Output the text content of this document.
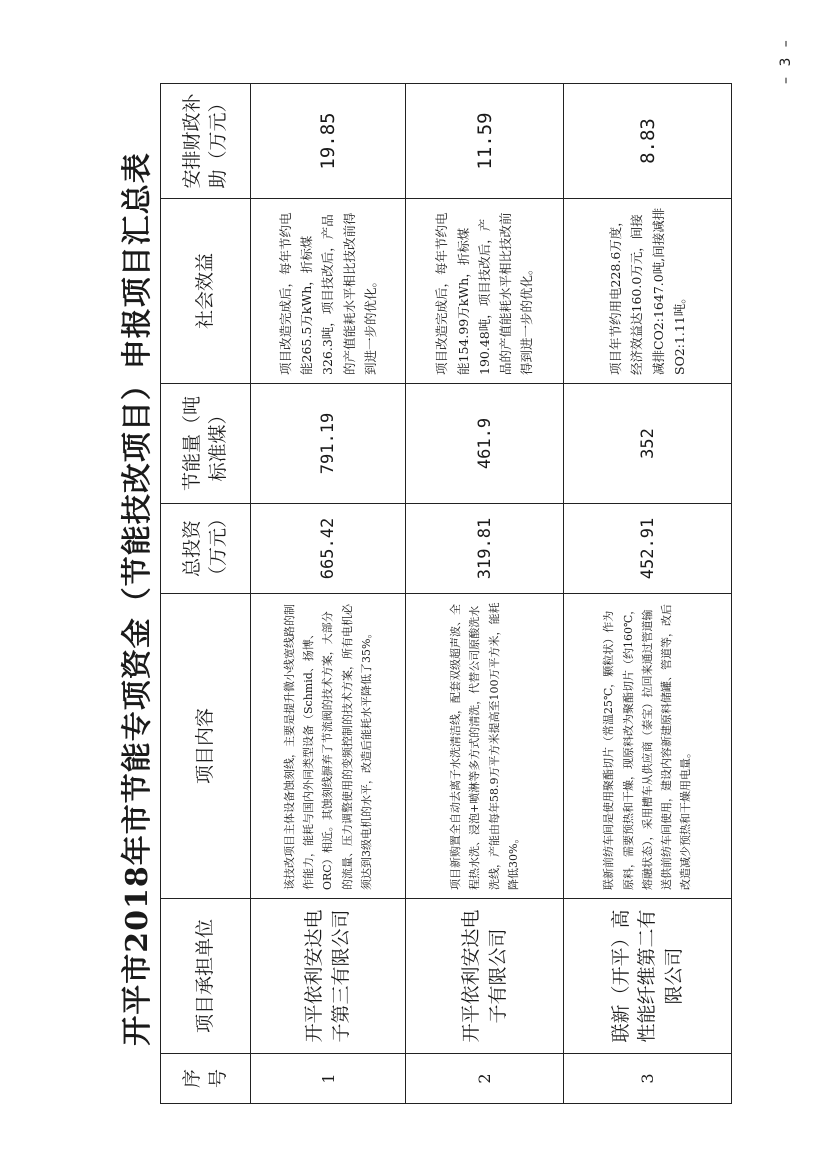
开平市2018年市节能专项资金（节能技改项目）申报项目汇总表
序号	项目承担单位	项目内容	总投资（万元）	节能量（吨标准煤）	社会效益	安排财政补助（万元）
1	开平依利安达电子第三有限公司	该技改项目主体设备蚀刻线，主要是提升微小线宽线路的制作能力，能耗与国内外同类型设备（Schmid、扬博、ORC）相近。其蚀刻线摒弃了节流阀的技术方案，大部分的流量、压力调整使用的变频控制的技术方案，所有电机必须达到3级电机的水平，改造后能耗水平降低了35%。	665.42	791.19	项目改造完成后，每年节约电能265.5万kWh，折标煤326.3吨，项目技改后，产品的产值能耗水平相比技改前得到进一步的优化。	19.85
2	开平依利安达电子有限公司	项目新购置全自动去离子水洗清洁线，配套双级超声波、全程热水洗、浸泡+喷淋等多方式的清洗，代替公司原酸洗水洗线，产能由每年58.9万平方米提高至100万平方米，能耗降低30%。	319.81	461.9	项目改造完成后，每年节约电能154.99万kWh，折标煤190.48吨，项目技改后，产品的产值能耗水平相比技改前得到进一步的优化。	11.59
3	联新（开平）高性能纤维第二有限公司	联新前纺车间是使用聚酯切片（常温25℃，颗粒状）作为原料，需要预热和干燥，现原料改为聚酯切片（约160℃，熔融状态），采用槽车从供应商（泰宝）拉回来通过管道输送供前纺车间使用，建设内容新建原料储罐、管道等，改后改造减少预热和干燥用电量。	452.91	352	项目年节约用电228.6万度，经济效益达160.0万元，间接减排CO2:1647.0吨,间接减排SO2:1.11吨。	8.83
– 3 –
